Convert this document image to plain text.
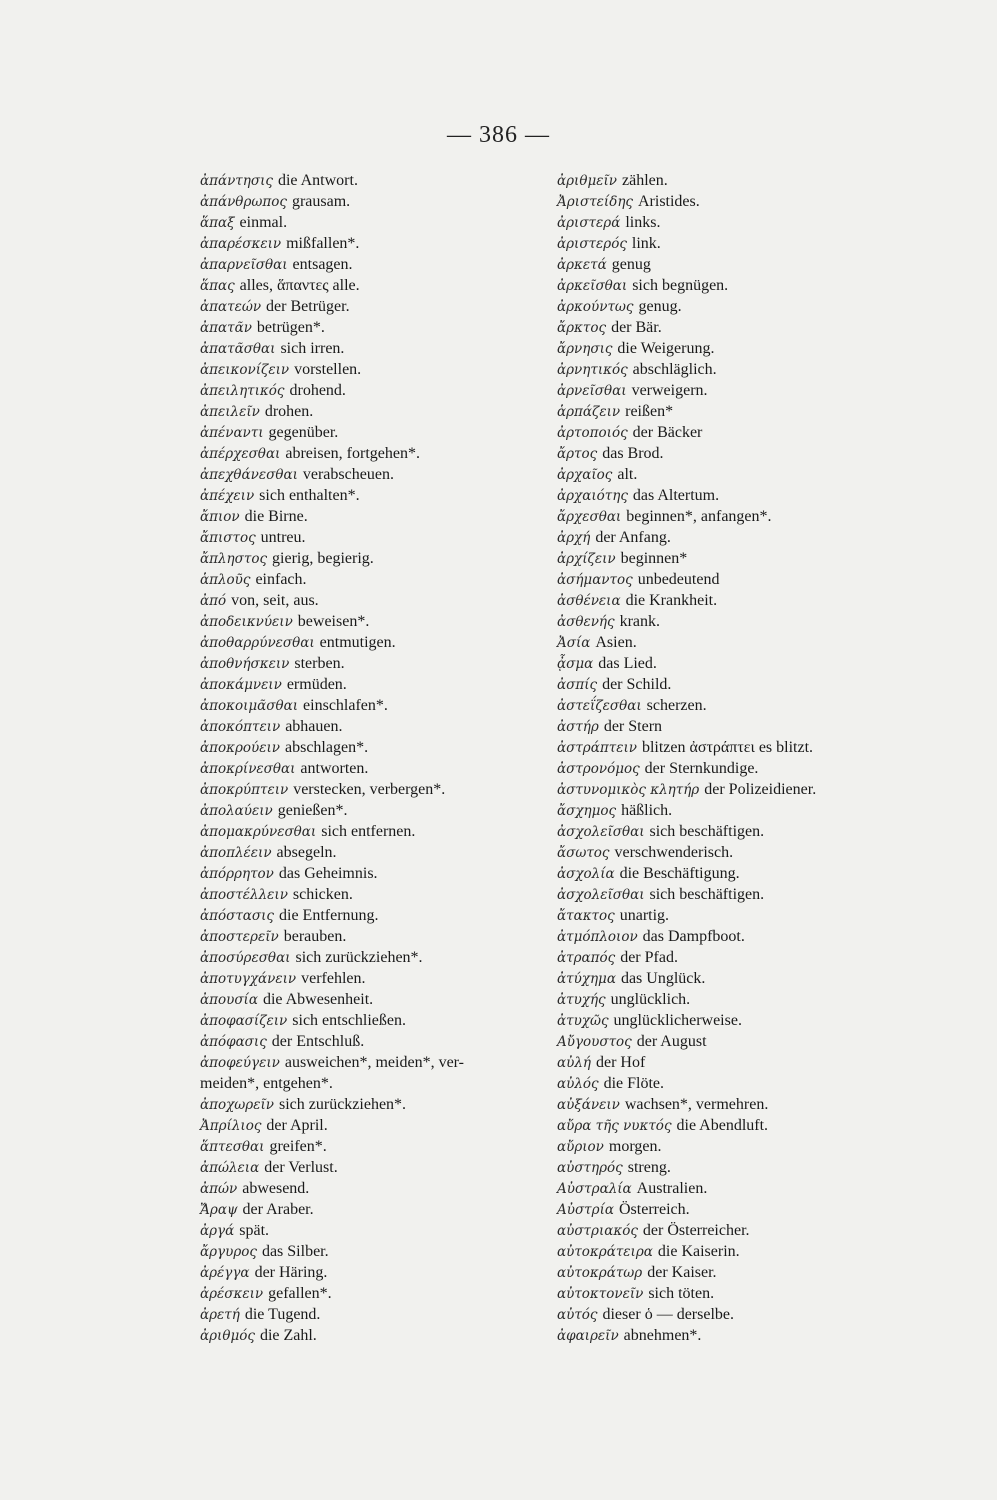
— 386 —
ἀπάντησις die Antwort.
ἀπάνθρωπος grausam.
ἅπαξ einmal.
ἀπαρέσκειν mißfallen*.
ἀπαρνεῖσθαι entsagen.
ἅπας alles, ἅπαντες alle.
ἀπατεών der Betrüger.
ἀπατᾶν betrügen*.
ἀπατᾶσθαι sich irren.
ἀπεικονίζειν vorstellen.
ἀπειλητικός drohend.
ἀπειλεῖν drohen.
ἀπέναντι gegenüber.
ἀπέρχεσθαι abreisen, fortgehen*.
ἀπεχθάνεσθαι verabscheuen.
ἀπέχειν sich enthalten*.
ἄπιον die Birne.
ἄπιστος untreu.
ἄπληστος gierig, begierig.
ἁπλοῦς einfach.
ἀπό von, seit, aus.
ἀποδεικνύειν beweisen*.
ἀποθαρρύνεσθαι entmutigen.
ἀποθνήσκειν sterben.
ἀποκάμνειν ermüden.
ἀποκοιμᾶσθαι einschlafen*.
ἀποκόπτειν abhauen.
ἀποκρούειν abschlagen*.
ἀποκρίνεσθαι antworten.
ἀποκρύπτειν verstecken, verbergen*.
ἀπολαύειν genießen*.
ἀπομακρύνεσθαι sich entfernen.
ἀποπλέειν absegeln.
ἀπόρρητον das Geheimnis.
ἀποστέλλειν schicken.
ἀπόστασις die Entfernung.
ἀποστερεῖν berauben.
ἀποσύρεσθαι sich zurückziehen*.
ἀποτυγχάνειν verfehlen.
ἀπουσία die Abwesenheit.
ἀποφασίζειν sich entschließen.
ἀπόφασις der Entschluß.
ἀποφεύγειν ausweichen*, meiden*, ver-
meiden*, entgehen*.
ἀποχωρεῖν sich zurückziehen*.
Ἀπρίλιος der April.
ἅπτεσθαι greifen*.
ἀπώλεια der Verlust.
ἀπών abwesend.
Ἄραψ der Araber.
ἀργά spät.
ἄργυρος das Silber.
ἀρέγγα der Häring.
ἀρέσκειν gefallen*.
ἀρετή die Tugend.
ἀριθμός die Zahl.
ἀριθμεῖν zählen.
Ἀριστείδης Aristides.
ἀριστερά links.
ἀριστερός link.
ἀρκετά genug
ἀρκεῖσθαι sich begnügen.
ἀρκούντως genug.
ἄρκτος der Bär.
ἄρνησις die Weigerung.
ἀρνητικός abschläglich.
ἀρνεῖσθαι verweigern.
ἁρπάζειν reißen*
ἀρτοποιός der Bäcker
ἄρτος das Brod.
ἀρχαῖος alt.
ἀρχαιότης das Altertum.
ἄρχεσθαι beginnen*, anfangen*.
ἀρχή der Anfang.
ἀρχίζειν beginnen*
ἀσήμαντος unbedeutend
ἀσθένεια die Krankheit.
ἀσθενής krank.
Ἀσία Asien.
ᾆσμα das Lied.
ἀσπίς der Schild.
ἀστεΐζεσθαι scherzen.
ἀστήρ der Stern
ἀστράπτειν blitzen ἀστράπτει es blitzt.
ἀστρονόμος der Sternkundige.
ἀστυνομικὸς κλητήρ der Polizeidiener.
ἄσχημος häßlich.
ἀσχολεῖσθαι sich beschäftigen.
ἄσωτος verschwenderisch.
ἀσχολία die Beschäftigung.
ἀσχολεῖσθαι sich beschäftigen.
ἄτακτος unartig.
ἀτμόπλοιον das Dampfboot.
ἀτραπός der Pfad.
ἀτύχημα das Unglück.
ἀτυχής unglücklich.
ἀτυχῶς unglücklicherweise.
Αὔγουστος der August
αὐλή der Hof
αὐλός die Flöte.
αὐξάνειν wachsen*, vermehren.
αὔρα τῆς νυκτός die Abendluft.
αὔριον morgen.
αὐστηρός streng.
Αὐστραλία Australien.
Αὐστρία Österreich.
αὐστριακός der Österreicher.
αὐτοκράτειρα die Kaiserin.
αὐτοκράτωρ der Kaiser.
αὐτοκτονεῖν sich töten.
αὐτός dieser ὁ — derselbe.
ἀφαιρεῖν abnehmen*.
